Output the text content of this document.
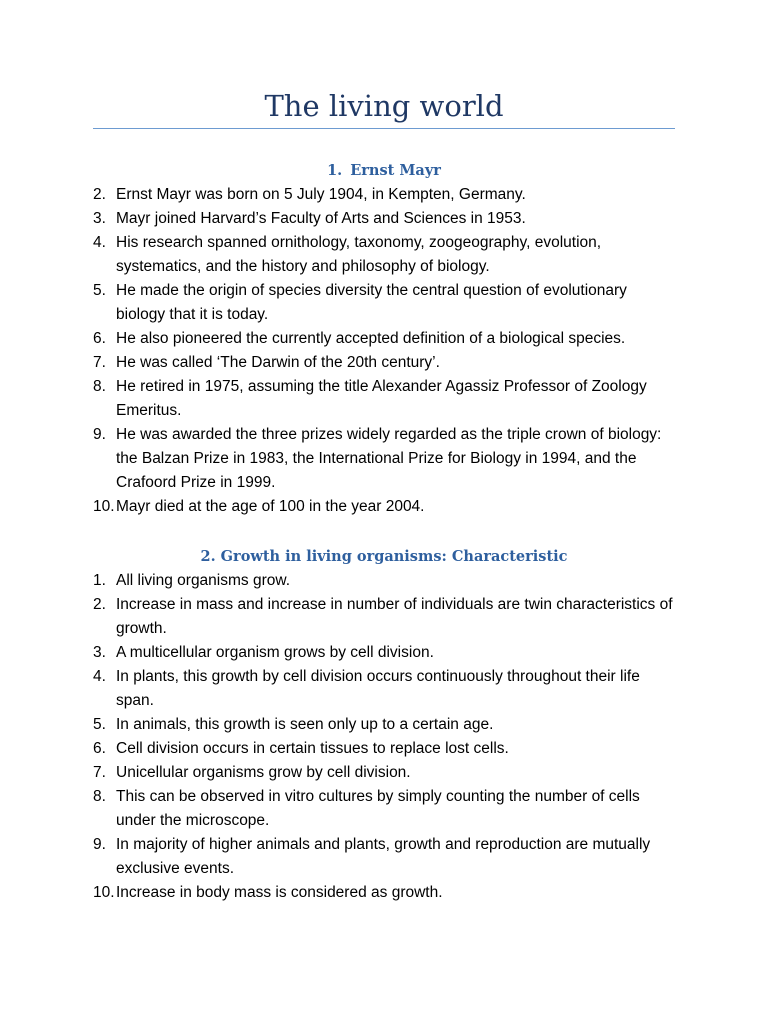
The living world
1. Ernst Mayr
2. Ernst Mayr was born on 5 July 1904, in Kempten, Germany.
3. Mayr joined Harvard’s Faculty of Arts and Sciences in 1953.
4. His research spanned ornithology, taxonomy, zoogeography, evolution, systematics, and the history and philosophy of biology.
5. He made the origin of species diversity the central question of evolutionary biology that it is today.
6. He also pioneered the currently accepted definition of a biological species.
7. He was called ‘The Darwin of the 20th century’.
8. He retired in 1975, assuming the title Alexander Agassiz Professor of Zoology Emeritus.
9. He was awarded the three prizes widely regarded as the triple crown of biology: the Balzan Prize in 1983, the International Prize for Biology in 1994, and the Crafoord Prize in 1999.
10. Mayr died at the age of 100 in the year 2004.
2. Growth in living organisms: Characteristic
1. All living organisms grow.
2. Increase in mass and increase in number of individuals are twin characteristics of growth.
3. A multicellular organism grows by cell division.
4. In plants, this growth by cell division occurs continuously throughout their life span.
5. In animals, this growth is seen only up to a certain age.
6. Cell division occurs in certain tissues to replace lost cells.
7. Unicellular organisms grow by cell division.
8. This can be observed in vitro cultures by simply counting the number of cells under the microscope.
9. In majority of higher animals and plants, growth and reproduction are mutually exclusive events.
10. Increase in body mass is considered as growth.
